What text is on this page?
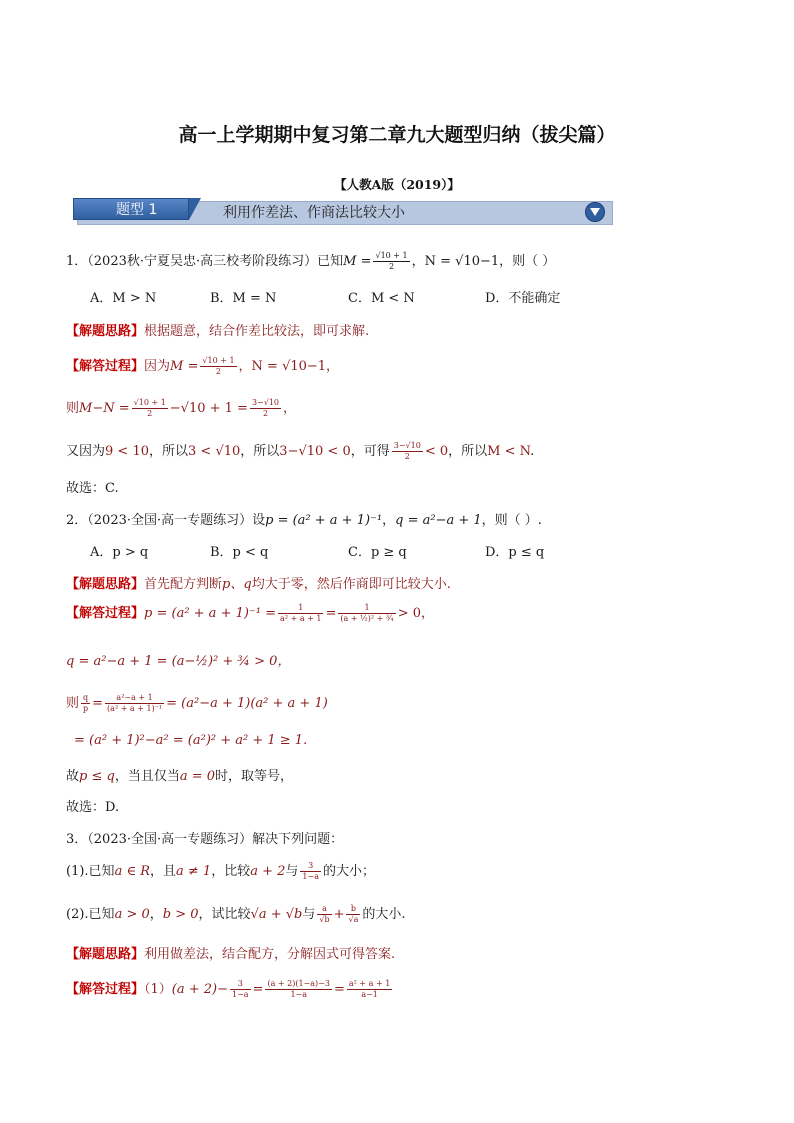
高一上学期期中复习第二章九大题型归纳（拔尖篇）
【人教A版（2019）】
题型 1	利用作差法、作商法比较大小
1．（2023秋·宁夏吴忠·高三校考阶段练习）已知$M = \frac{√10 + 1}{2}$ ，N = √10−1，则（ ）
A．M > N	B．M = N	C．M < N	D．不能确定
【解题思路】根据题意，结合作差比较法，即可求解.
【解答过程】因为$M = \frac{√10 + 1}{2}$ ，N = √10−1，
则$M-N = \frac{√10 + 1}{2} -√10 + 1 = \frac{3-√10}{2}$ ，
又因为9 < 10，所以3 < √10，所以3−√10 < 0，可得 $\frac{3-√10}{2} < 0$，所以M < N.
故选：C.
2．（2023·全国·高一专题练习）设p = (a² + a + 1)⁻¹，q = a²−a + 1，则（ ）.
A．p > q	B．p < q	C．p ≥ q	D．p ≤ q
【解题思路】首先配方判断p、q均大于零，然后作商即可比较大小.
【解答过程】$p = (a^2 + a + 1)^{-1} = \frac{1}{\text{a² + a + 1}} = \frac{1}{\text{(a + ½)² + ¾}} > 0$，
q = a²−a + 1 = (a−½)² + ¾ > 0，
则 $\frac{q}{p} = \frac{\text{a²−a + 1}}{\text{(a² + a + 1)⁻¹}} = (a^2-a + 1)(a^2 + a + 1)$
= (a² + 1)²−a² = (a²)² + a² + 1 ≥ 1.
故p ≤ q，当且仅当a = 0时，取等号，
故选：D.
3．（2023·全国·高一专题练习）解决下列问题：
(1).已知a ∈ R，且a ≠ 1，比较a + 2与 $\frac{3}{1-a}$ 的大小；
(2).已知a > 0，b > 0，试比较√a + √b与 $\frac{a}{√b} + \frac{b}{√a}$ 的大小.
【解题思路】利用做差法，结合配方，分解因式可得答案.
【解答过程】$(1)(a + 2)- \frac{3}{1-a} = \frac{(a + 2)(1-a)-3}{1-a} = \frac{\text{a² + a + 1}}{a-1}$
